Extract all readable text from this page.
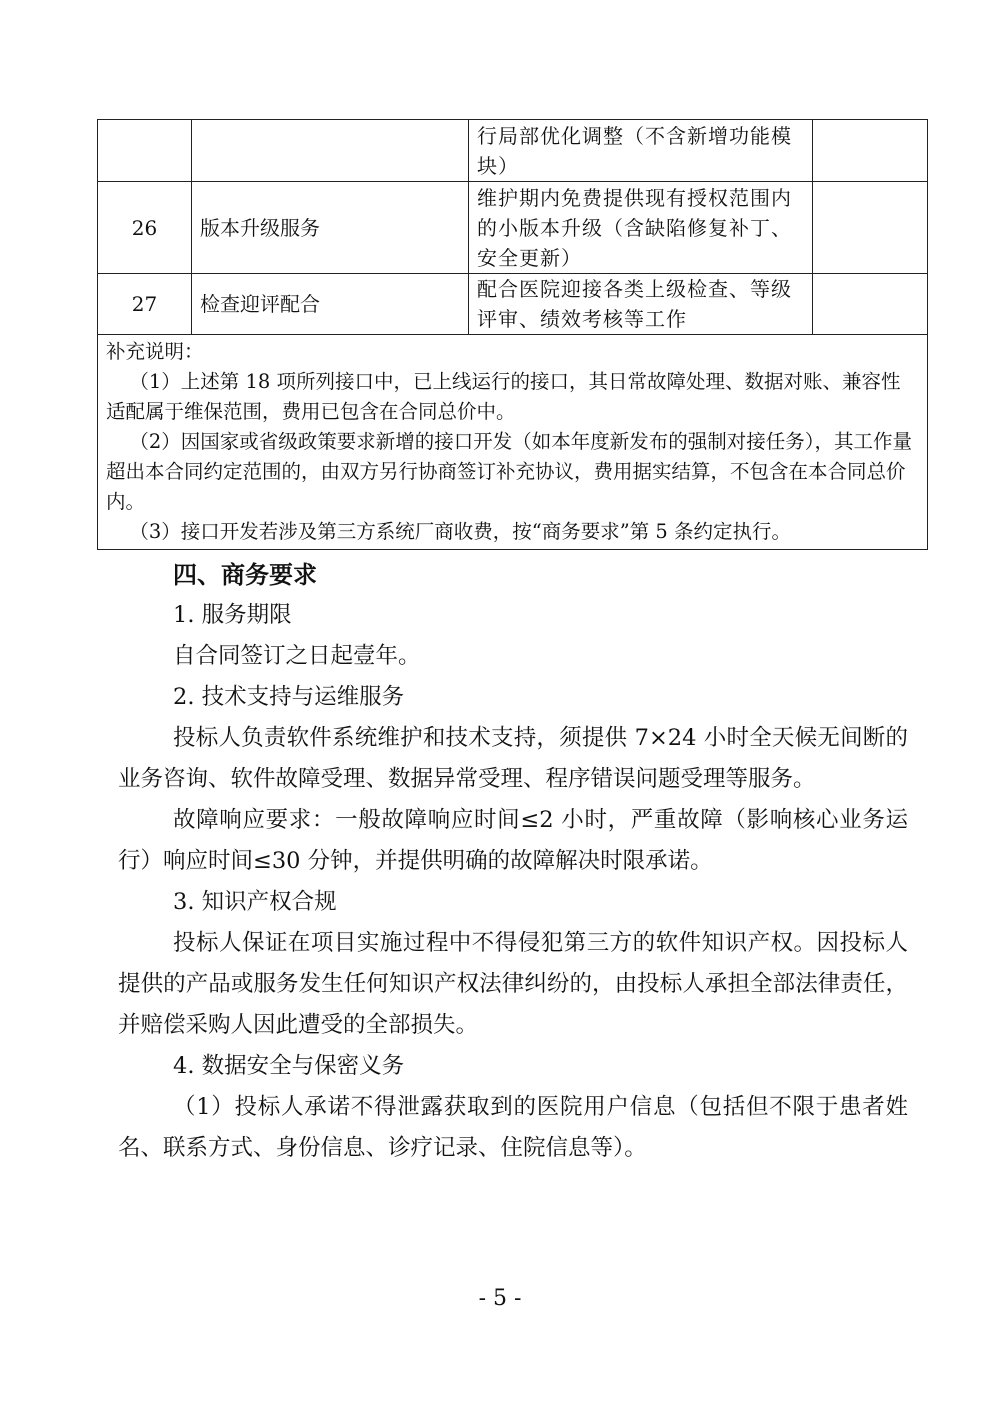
		行局部优化调整（不含新增功能模块）	
26	版本升级服务	维护期内免费提供现有授权范围内的小版本升级（含缺陷修复补丁、安全更新）	
27	检查迎评配合	配合医院迎接各类上级检查、等级评审、绩效考核等工作	

补充说明：

（1）上述第 18 项所列接口中，已上线运行的接口，其日常故障处理、数据对账、兼容性适配属于维保范围，费用已包含在合同总价中。

（2）因国家或省级政策要求新增的接口开发（如本年度新发布的强制对接任务），其工作量超出本合同约定范围的，由双方另行协商签订补充协议，费用据实结算，不包含在本合同总价内。

（3）接口开发若涉及第三方系统厂商收费，按“商务要求”第 5 条约定执行。			

四、商务要求

1. 服务期限

自合同签订之日起壹年。

2. 技术支持与运维服务

投标人负责软件系统维护和技术支持，须提供 7×24 小时全天候无间断的业务咨询、软件故障受理、数据异常受理、程序错误问题受理等服务。

故障响应要求：一般故障响应时间≤2 小时，严重故障（影响核心业务运行）响应时间≤30 分钟，并提供明确的故障解决时限承诺。

3. 知识产权合规

投标人保证在项目实施过程中不得侵犯第三方的软件知识产权。因投标人提供的产品或服务发生任何知识产权法律纠纷的，由投标人承担全部法律责任，并赔偿采购人因此遭受的全部损失。

4. 数据安全与保密义务

（1）投标人承诺不得泄露获取到的医院用户信息（包括但不限于患者姓名、联系方式、身份信息、诊疗记录、住院信息等）。

- 5 -
